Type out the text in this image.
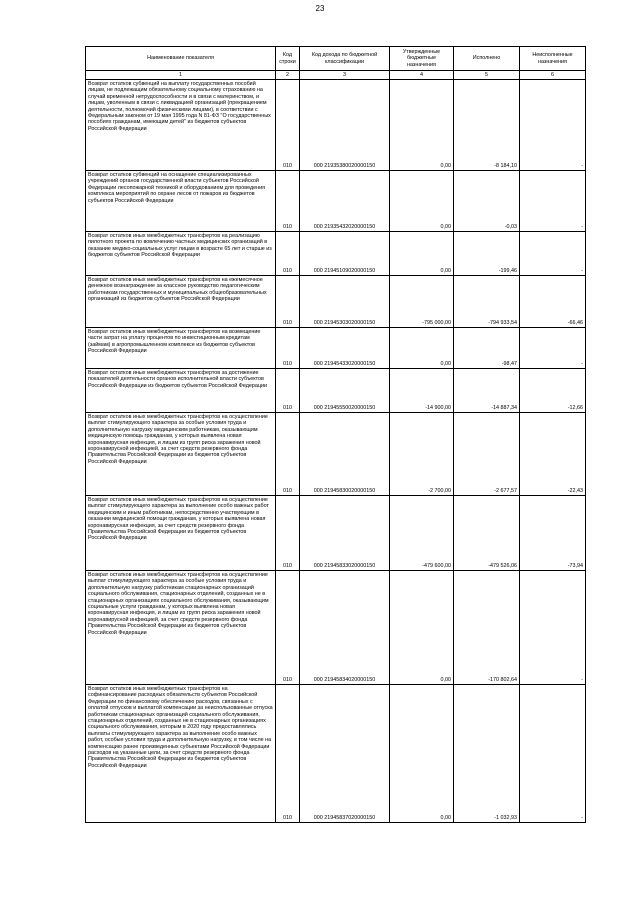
23
Наименование показателя	Код строки	Код дохода по бюджетной классификации	Утвержденные бюджетные назначения	Исполнено	Неисполненные назначения
1	2	3	4	5	6
Возврат остатков субвенций на выплату государственных пособий лицам, не подлежащим обязательному социальному страхованию на случай временной нетрудоспособности и в связи с материнством, и лицам, уволенным в связи с ликвидацией организаций (прекращением деятельности, полномочий физическими лицами), в соответствии с Федеральным законом от 19 мая 1995 года N 81-ФЗ "О государственных пособиях гражданам, имеющим детей" из бюджетов субъектов Российской Федерации	010	000 21935380020000150	0,00	-8 184,10	-
Возврат остатков субвенций на оснащение специализированных учреждений органов государственной власти субъектов Российской Федерации лесопожарной техникой и оборудованием для проведения комплекса мероприятий по охране лесов от пожаров из бюджетов субъектов Российской Федерации	010	000 21935432020000150	0,00	-0,03	-
Возврат остатков иных межбюджетных трансфертов на реализацию пилотного проекта по вовлечению частных медицинских организаций в оказание медико-социальных услуг лицам в возрасте 65 лет и старше из бюджетов субъектов Российской Федерации	010	000 21945109020000150	0,00	-199,46	-
Возврат остатков иных межбюджетных трансфертов на ежемесячное денежное вознаграждение за классное руководство педагогическим работникам государственных и муниципальных общеобразовательных организаций из бюджетов субъектов Российской Федерации	010	000 21945303020000150	-795 000,00	-794 933,54	-66,46
Возврат остатков иных межбюджетных трансфертов на возмещение части затрат на уплату процентов по инвестиционным кредитам (займам) в агропромышленном комплексе из бюджетов субъектов Российской Федерации	010	000 21945433020000150	0,00	-98,47	-
Возврат остатков иных межбюджетных трансфертов за достижение показателей деятельности органов исполнительной власти субъектов Российской Федерации из бюджетов субъектов Российской Федерации	010	000 21945550020000150	-14 900,00	-14 887,34	-12,66
Возврат остатков иных межбюджетных трансфертов на осуществление выплат стимулирующего характера за особые условия труда и дополнительную нагрузку медицинским работникам, оказывающим медицинскую помощь гражданам, у которых выявлена новая коронавирусная инфекция, и лицам из групп риска заражения новой коронавирусной инфекцией, за счет средств резервного фонда Правительства Российской Федерации из бюджетов субъектов Российской Федерации	010	000 21945830020000150	-2 700,00	-2 677,57	-22,43
Возврат остатков иных межбюджетных трансфертов на осуществление выплат стимулирующего характера за выполнение особо важных работ медицинским и иным работникам, непосредственно участвующим в оказании медицинской помощи гражданам, у которых выявлена новая коронавирусная инфекция, за счет средств резервного фонда Правительства Российской Федерации из бюджетов субъектов Российской Федерации	010	000 21945833020000150	-479 600,00	-479 526,06	-73,94
Возврат остатков иных межбюджетных трансфертов на осуществление выплат стимулирующего характера за особые условия труда и дополнительную нагрузку работникам стационарных организаций социального обслуживания, стационарных отделений, созданных не в стационарных организациях социального обслуживания, оказывающим социальные услуги гражданам, у которых выявлена новая коронавирусная инфекция, и лицам из групп риска заражения новой коронавирусной инфекцией, за счет средств резервного фонда Правительства Российской Федерации из бюджетов субъектов Российской Федерации	010	000 21945834020000150	0,00	-170 802,64	-
Возврат остатков иных межбюджетных трансфертов на софинансирование расходных обязательств субъектов Российской Федерации по финансовому обеспечению расходов, связанных с оплатой отпусков и выплатой компенсации за неиспользованные отпуска работникам стационарных организаций социального обслуживания, стационарных отделений, созданных не в стационарных организациях социального обслуживания, которым в 2020 году предоставлялись выплаты стимулирующего характера за выполнение особо важных работ, особые условия труда и дополнительную нагрузку, в том числе на компенсацию ранее произведенных субъектами Российской Федерации расходов на указанные цели, за счет средств резервного фонда Правительства Российской Федерации из бюджетов субъектов Российской Федерации	010	000 21945837020000150	0,00	-1 032,93	-
